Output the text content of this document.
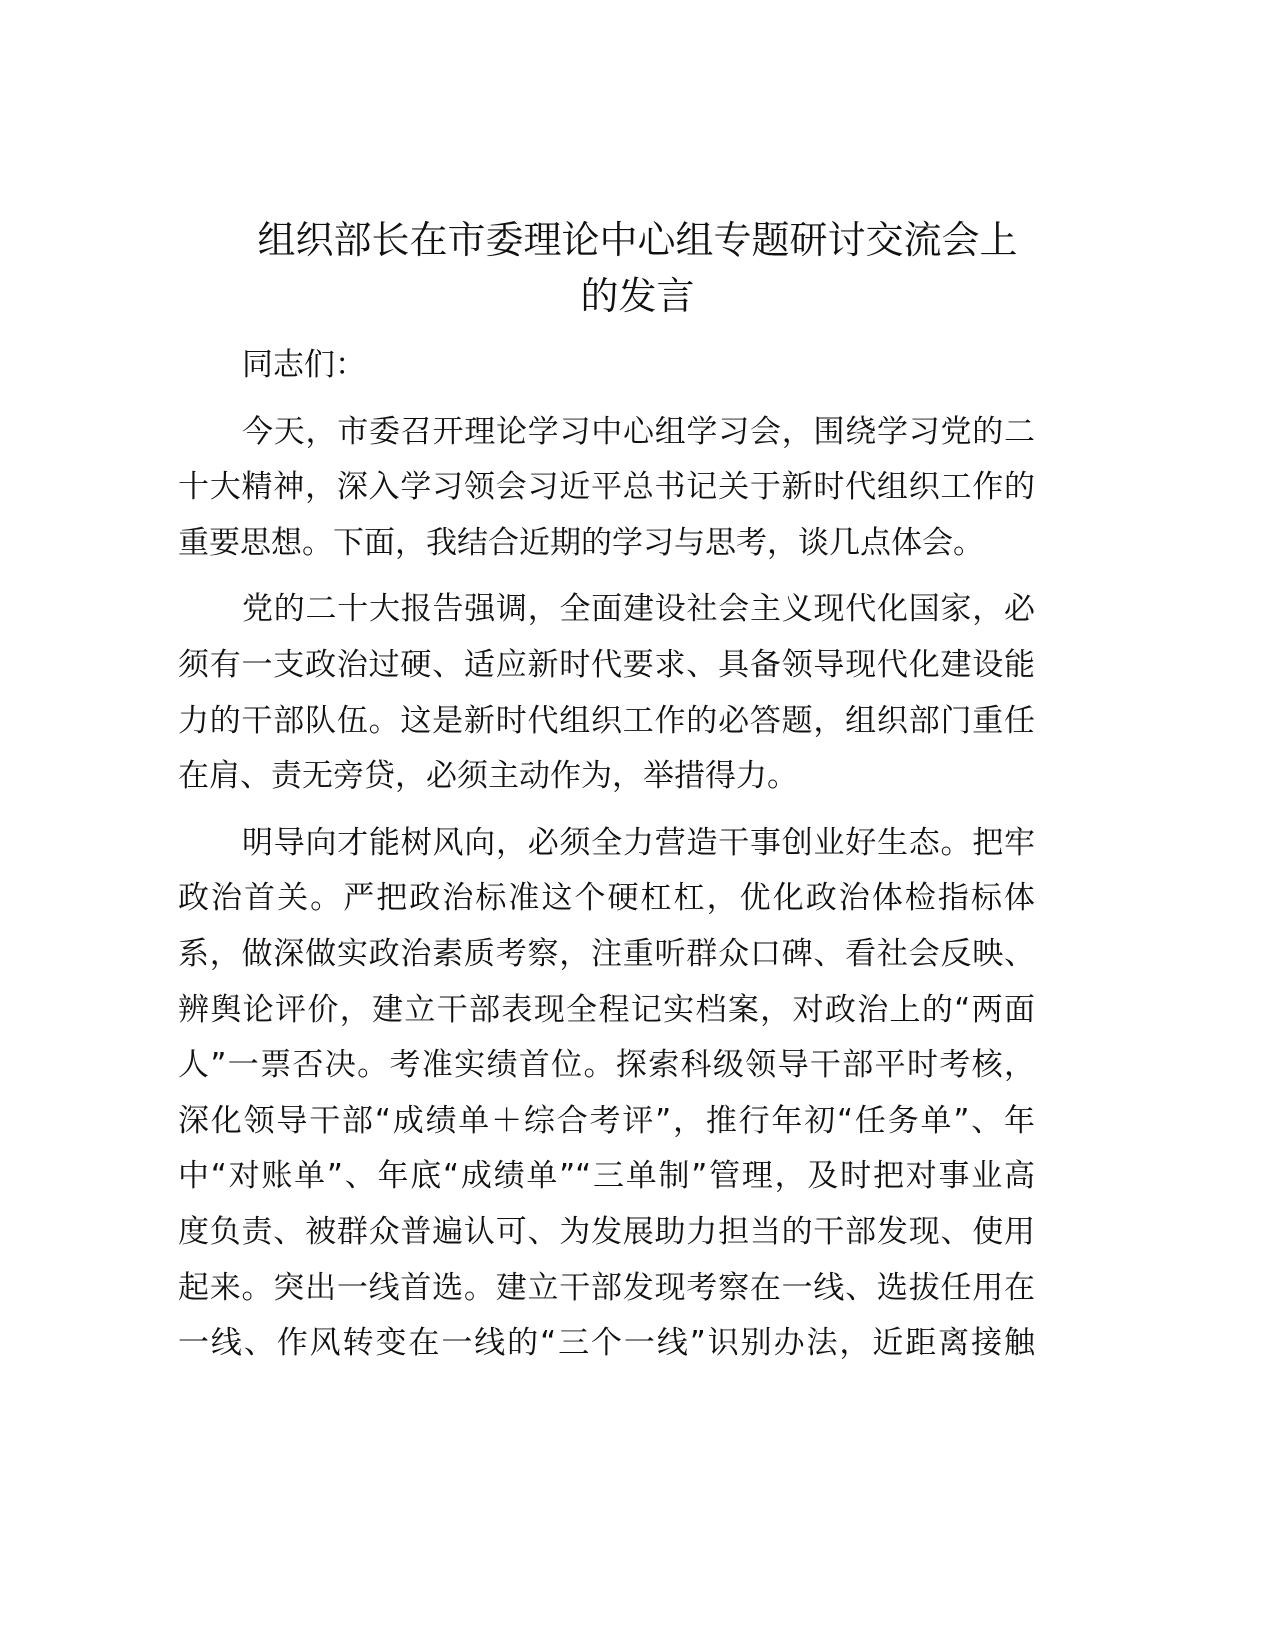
组织部长在市委理论中心组专题研讨交流会上
的发言
同志们：
今天，市委召开理论学习中心组学习会，围绕学习党的二
十大精神，深入学习领会习近平总书记关于新时代组织工作的
重要思想。下面，我结合近期的学习与思考，谈几点体会。
党的二十大报告强调，全面建设社会主义现代化国家，必
须有一支政治过硬、适应新时代要求、具备领导现代化建设能
力的干部队伍。这是新时代组织工作的必答题，组织部门重任
在肩、责无旁贷，必须主动作为，举措得力。
明导向才能树风向，必须全力营造干事创业好生态。把牢
政治首关。严把政治标准这个硬杠杠，优化政治体检指标体
系，做深做实政治素质考察，注重听群众口碑、看社会反映、
辨舆论评价，建立干部表现全程记实档案，对政治上的“两面
人”一票否决。考准实绩首位。探索科级领导干部平时考核，
深化领导干部“成绩单＋综合考评”，推行年初“任务单”、年
中“对账单”、年底“成绩单”“三单制”管理，及时把对事业高
度负责、被群众普遍认可、为发展助力担当的干部发现、使用
起来。突出一线首选。建立干部发现考察在一线、选拔任用在
一线、作风转变在一线的“三个一线”识别办法，近距离接触
